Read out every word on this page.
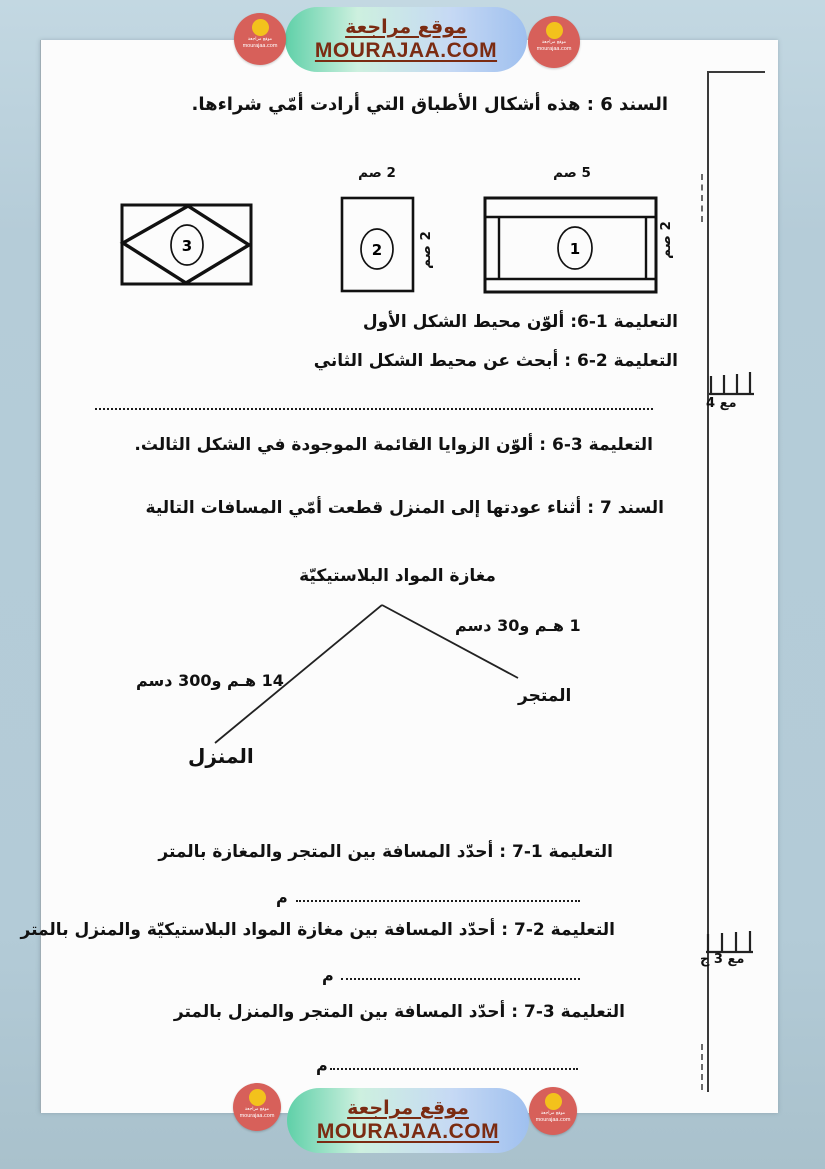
مع 4
مع 3 ج
موقع مراجعة
MOURAJAA.COM
موقع مراجعة
mourajaa.com	موقع مراجعة
mourajaa.com
السند 6 : هذه أشكال الأطباق التي أرادت أمّي شراءها.
3	2	1
5 صم
2 صم
2 صم
2 صم
التعليمة 1-6: ألوّن محيط الشكل الأول
التعليمة 2-6 : أبحث عن محيط الشكل الثاني
التعليمة 3-6 : ألوّن الزوايا القائمة الموجودة في الشكل الثالث.
السند 7 : أثناء عودتها إلى المنزل قطعت أمّي المسافات التالية
مغازة المواد البلاستيكيّة
1 هـم و30 دسم
المتجر
14 هـم و300 دسم
المنزل
التعليمة 1-7 : أحدّد المسافة بين المتجر والمغازة بالمتر
م
التعليمة 2-7 : أحدّد المسافة بين مغازة المواد البلاستيكيّة والمنزل بالمتر
م
التعليمة 3-7 : أحدّد المسافة بين المتجر والمنزل بالمتر
م
موقع مراجعة
MOURAJAA.COM
موقع مراجعة
mourajaa.com	موقع مراجعة
mourajaa.com
